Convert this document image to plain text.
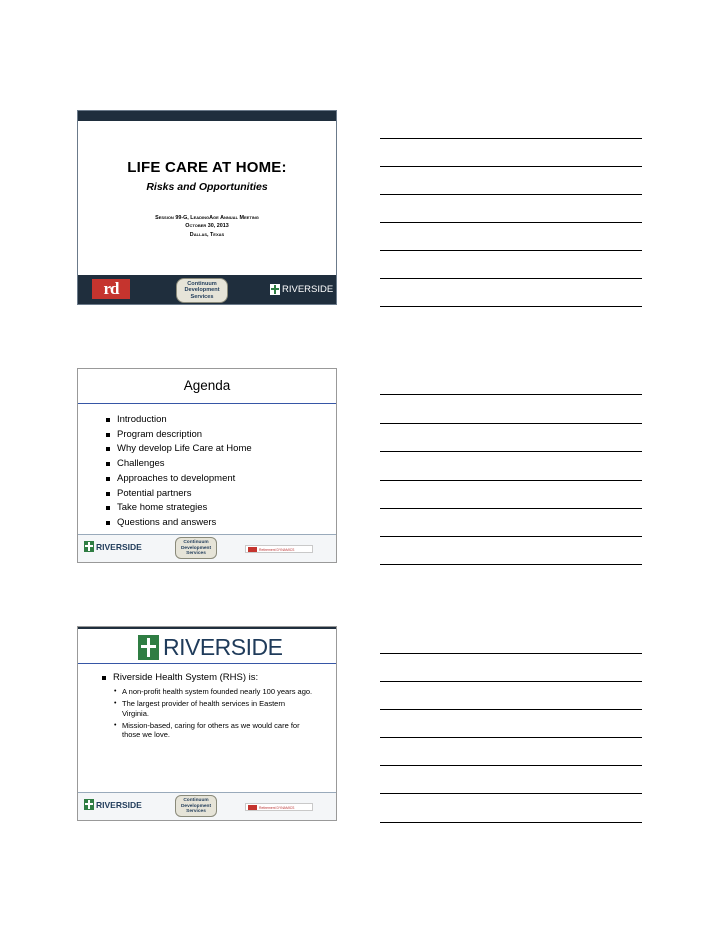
LIFE CARE AT HOME:
Risks and Opportunities
Session 99-G, LeadingAge Annual Meeting
October 30, 2013
Dallas, Texas
rd	Continuum Development Services
RIVERSIDE
Agenda
Introduction
Program description
Why develop Life Care at Home
Challenges
Approaches to development
Potential partners
Take home strategies
Questions and answers
RIVERSIDE	Continuum Development Services
Retirement DYNAMICS
RIVERSIDE
Riverside Health System (RHS) is:
• A non-profit health system founded nearly 100 years ago.
• The largest provider of health services in Eastern Virginia.
• Mission-based, caring for others as we would care for those we love.
RIVERSIDE	Continuum Development Services
Retirement DYNAMICS
